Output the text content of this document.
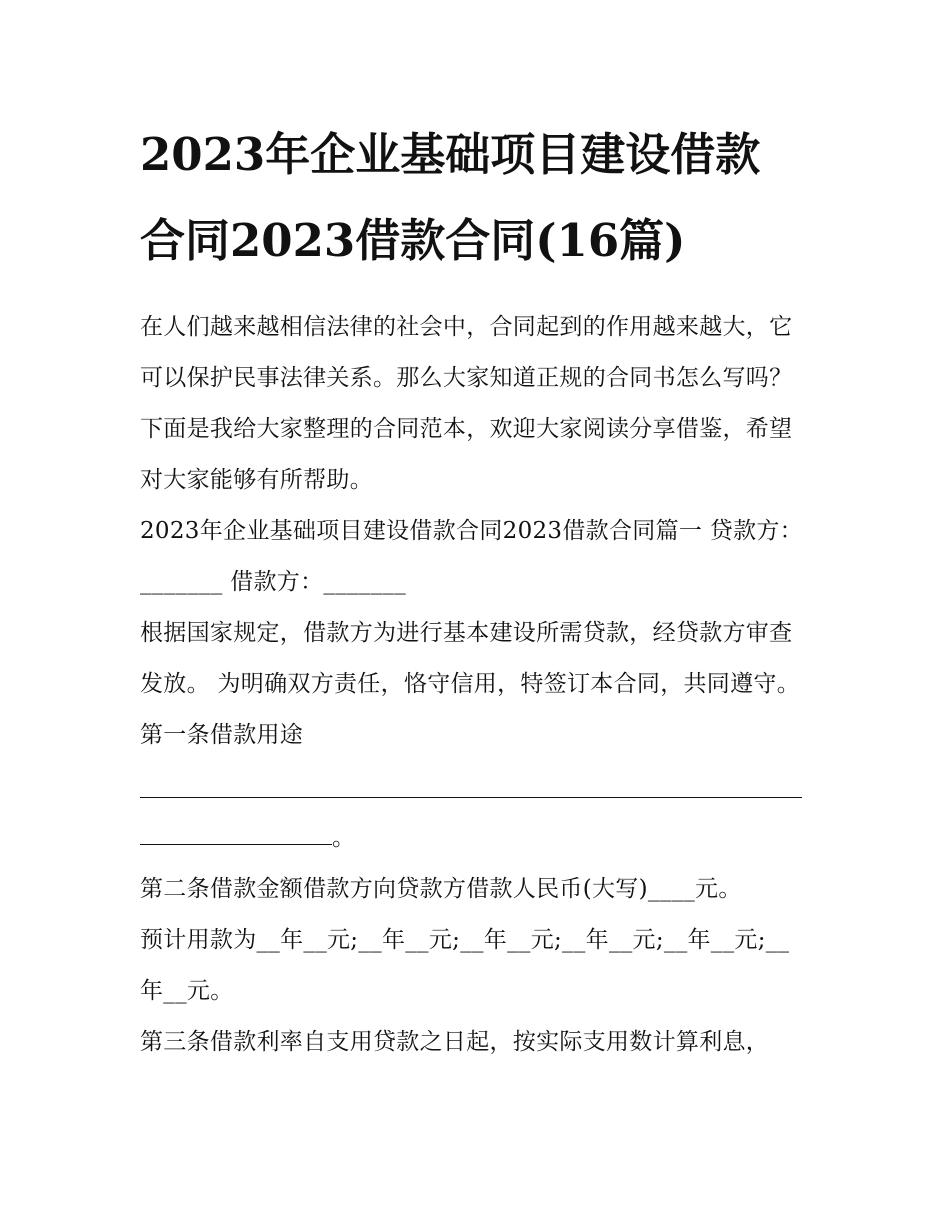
2023年企业基础项目建设借款
合同2023借款合同(16篇)

在人们越来越相信法律的社会中，合同起到的作用越来越大，它可以保护民事法律关系。那么大家知道正规的合同书怎么写吗？下面是我给大家整理的合同范本，欢迎大家阅读分享借鉴，希望对大家能够有所帮助。

2023年企业基础项目建设借款合同2023借款合同篇一 贷款方：_______ 借款方：_______

根据国家规定，借款方为进行基本建设所需贷款，经贷款方审查发放。 为明确双方责任，恪守信用，特签订本合同，共同遵守。

第一条借款用途

。

第二条借款金额借款方向贷款方借款人民币(大写)____元。

预计用款为__年__元;__年__元;__年__元;__年__元;__年__元;__年__元。

第三条借款利率自支用贷款之日起，按实际支用数计算利息，
